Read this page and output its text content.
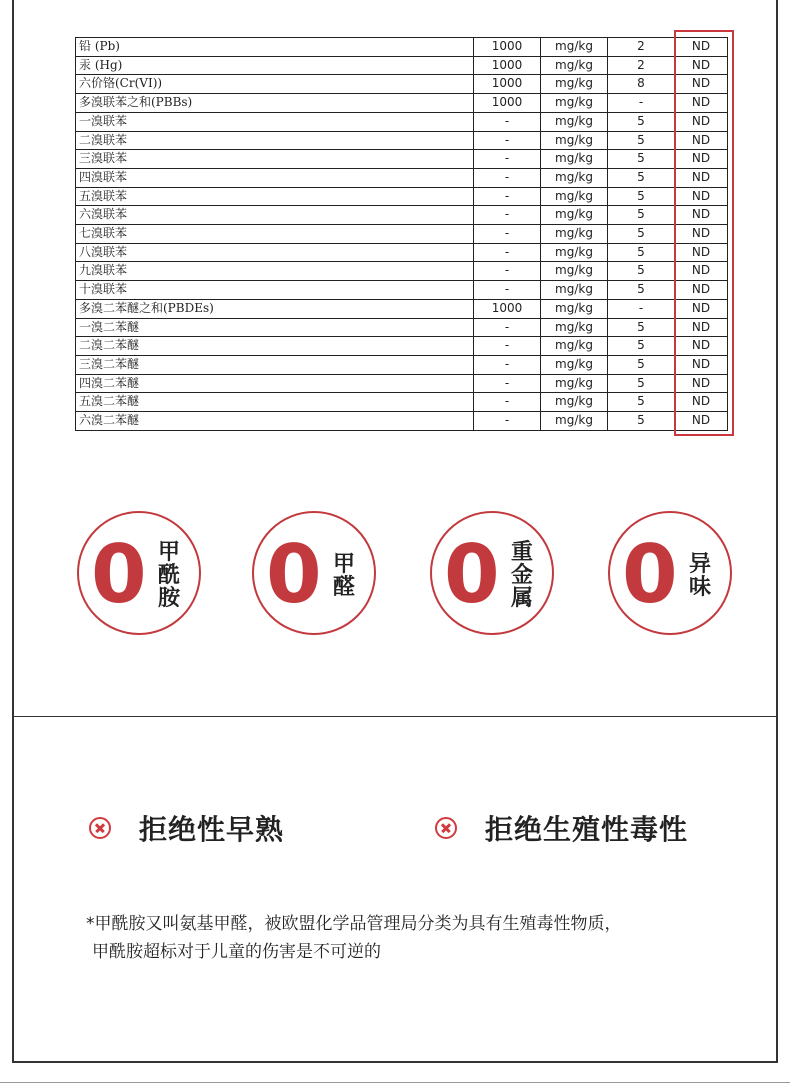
铅 (Pb)	1000	mg/kg	2	ND
汞 (Hg)	1000	mg/kg	2	ND
六价铬(Cr(VI))	1000	mg/kg	8	ND
多溴联苯之和(PBBs)	1000	mg/kg	-	ND
一溴联苯	-	mg/kg	5	ND
二溴联苯	-	mg/kg	5	ND
三溴联苯	-	mg/kg	5	ND
四溴联苯	-	mg/kg	5	ND
五溴联苯	-	mg/kg	5	ND
六溴联苯	-	mg/kg	5	ND
七溴联苯	-	mg/kg	5	ND
八溴联苯	-	mg/kg	5	ND
九溴联苯	-	mg/kg	5	ND
十溴联苯	-	mg/kg	5	ND
多溴二苯醚之和(PBDEs)	1000	mg/kg	-	ND
一溴二苯醚	-	mg/kg	5	ND
二溴二苯醚	-	mg/kg	5	ND
三溴二苯醚	-	mg/kg	5	ND
四溴二苯醚	-	mg/kg	5	ND
五溴二苯醚	-	mg/kg	5	ND
六溴二苯醚	-	mg/kg	5	ND
0 甲
酰
胺 0 甲
醛 0 重
金
属 0 异
味
拒绝性早熟	拒绝生殖性毒性
*甲酰胺又叫氨基甲醛，被欧盟化学品管理局分类为具有生殖毒性物质，
甲酰胺超标对于儿童的伤害是不可逆的
